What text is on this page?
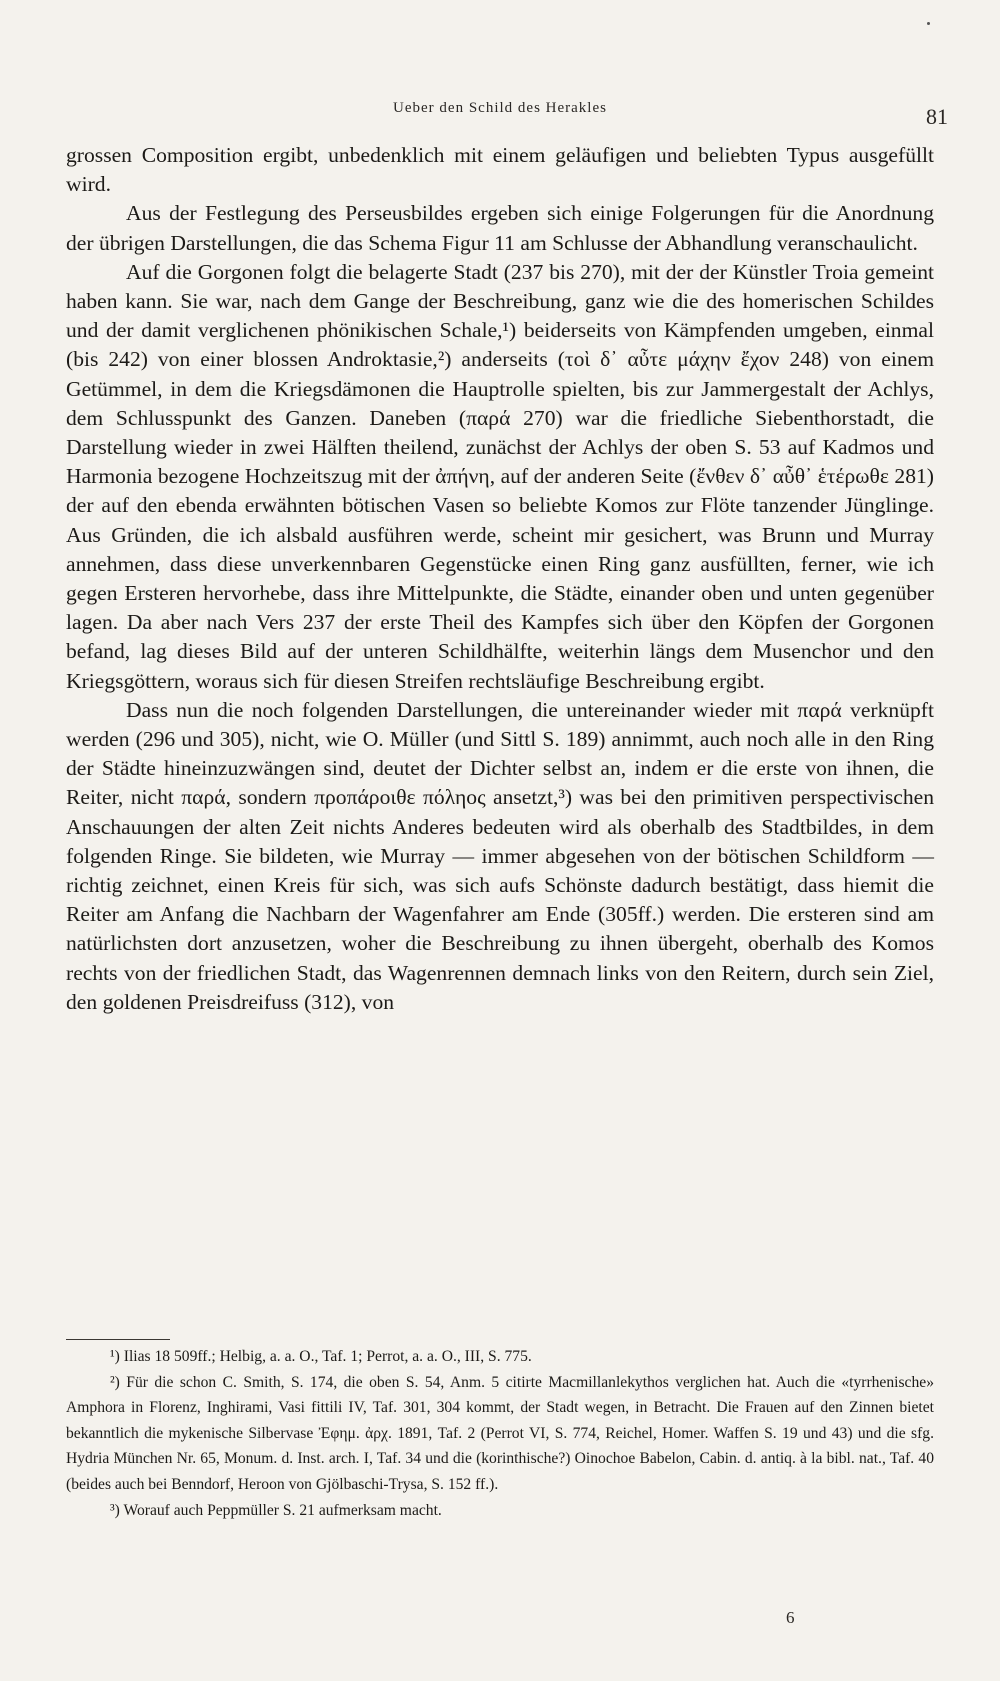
Ueber den Schild des Herakles	81

grossen Composition ergibt, unbedenklich mit einem geläufigen und beliebten Typus ausgefüllt wird.

Aus der Festlegung des Perseusbildes ergeben sich einige Folgerungen für die Anordnung der übrigen Darstellungen, die das Schema Figur 11 am Schlusse der Abhandlung veranschaulicht.

Auf die Gorgonen folgt die belagerte Stadt (237 bis 270), mit der der Künstler Troia gemeint haben kann. Sie war, nach dem Gange der Beschreibung, ganz wie die des homerischen Schildes und der damit verglichenen phönikischen Schale,¹) beiderseits von Kämpfenden umgeben, einmal (bis 242) von einer blossen Androktasie,²) anderseits (τοὶ δ᾽ αὖτε μάχην ἔχον 248) von einem Getümmel, in dem die Kriegsdämonen die Hauptrolle spielten, bis zur Jammergestalt der Achlys, dem Schlusspunkt des Ganzen. Daneben (παρά 270) war die friedliche Siebenthorstadt, die Darstellung wieder in zwei Hälften theilend, zunächst der Achlys der oben S. 53 auf Kadmos und Harmonia bezogene Hochzeitszug mit der ἀπήνη, auf der anderen Seite (ἔνθεν δ᾽ αὖθ᾽ ἑτέρωθε 281) der auf den ebenda erwähnten bötischen Vasen so beliebte Komos zur Flöte tanzender Jünglinge. Aus Gründen, die ich alsbald ausführen werde, scheint mir gesichert, was Brunn und Murray annehmen, dass diese unverkennbaren Gegenstücke einen Ring ganz ausfüllten, ferner, wie ich gegen Ersteren hervorhebe, dass ihre Mittelpunkte, die Städte, einander oben und unten gegenüber lagen. Da aber nach Vers 237 der erste Theil des Kampfes sich über den Köpfen der Gorgonen befand, lag dieses Bild auf der unteren Schildhälfte, weiterhin längs dem Musenchor und den Kriegsgöttern, woraus sich für diesen Streifen rechtsläufige Beschreibung ergibt.

Dass nun die noch folgenden Darstellungen, die untereinander wieder mit παρά verknüpft werden (296 und 305), nicht, wie O. Müller (und Sittl S. 189) annimmt, auch noch alle in den Ring der Städte hineinzuzwängen sind, deutet der Dichter selbst an, indem er die erste von ihnen, die Reiter, nicht παρά, sondern προπάροιθε πόληος ansetzt,³) was bei den primitiven perspectivischen Anschauungen der alten Zeit nichts Anderes bedeuten wird als oberhalb des Stadtbildes, in dem folgenden Ringe. Sie bildeten, wie Murray — immer abgesehen von der bötischen Schildform — richtig zeichnet, einen Kreis für sich, was sich aufs Schönste dadurch bestätigt, dass hiemit die Reiter am Anfang die Nachbarn der Wagenfahrer am Ende (305ff.) werden. Die ersteren sind am natürlichsten dort anzusetzen, woher die Beschreibung zu ihnen übergeht, oberhalb des Komos rechts von der friedlichen Stadt, das Wagenrennen demnach links von den Reitern, durch sein Ziel, den goldenen Preisdreifuss (312), von

¹) Ilias 18 509ff.; Helbig, a. a. O., Taf. 1; Perrot, a. a. O., III, S. 775.

²) Für die schon C. Smith, S. 174, die oben S. 54, Anm. 5 citirte Macmillanlekythos verglichen hat. Auch die «tyrrhenische» Amphora in Florenz, Inghirami, Vasi fittili IV, Taf. 301, 304 kommt, der Stadt wegen, in Betracht. Die Frauen auf den Zinnen bietet bekanntlich die mykenische Silbervase Ἐφημ. ἀρχ. 1891, Taf. 2 (Perrot VI, S. 774, Reichel, Homer. Waffen S. 19 und 43) und die sfg. Hydria München Nr. 65, Monum. d. Inst. arch. I, Taf. 34 und die (korinthische?) Oinochoe Babelon, Cabin. d. antiq. à la bibl. nat., Taf. 40 (beides auch bei Benndorf, Heroon von Gjölbaschi-Trysa, S. 152 ff.).

³) Worauf auch Peppmüller S. 21 aufmerksam macht.

6
